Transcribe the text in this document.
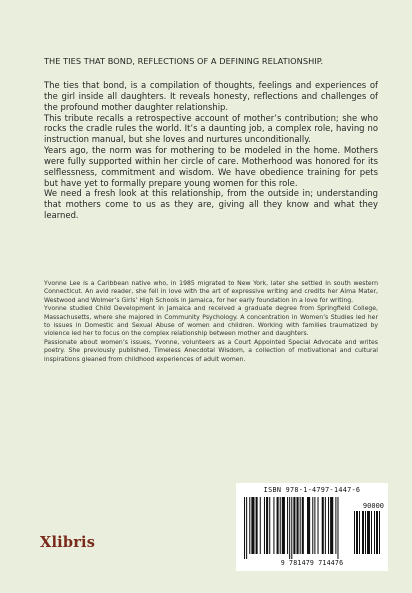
THE TIES THAT BOND, REFLECTIONS OF A DEFINING RELATIONSHIP.

The ties that bond, is a compilation of thoughts, feelings and experiences of the girl inside all daughters. It reveals honesty, reflections and challenges of the profound mother daughter relationship.

This tribute recalls a retrospective account of mother’s contribution; she who rocks the cradle rules the world. It’s a daunting job, a complex role, having no instruction manual, but she loves and nurtures unconditionally.

Years ago, the norm was for mothering to be modeled in the home. Mothers were fully supported within her circle of care. Motherhood was honored for its selflessness, commitment and wisdom. We have obedience training for pets but have yet to formally prepare young women for this role.

We need a fresh look at this relationship, from the outside in; understanding that mothers come to us as they are, giving all they know and what they learned.

Yvonne Lee is a Caribbean native who, in 1985 migrated to New York, later she settled in south western Connecticut. An avid reader, she fell in love with the art of expressive writing and credits her Alma Mater, Westwood and Wolmer’s Girls’ High Schools in Jamaica, for her early foundation in a love for writing.

Yvonne studied Child Development in Jamaica and received a graduate degree from Springfield College, Massachusetts, where she majored in Community Psychology. A concentration in Women’s Studies led her to issues in Domestic and Sexual Abuse of women and children. Working with families traumatized by violence led her to focus on the complex relationship between mother and daughters.

Passionate about women’s issues, Yvonne, volunteers as a Court Appointed Special Advocate and writes poetry. She previously published, Timeless Anecdotal Wisdom, a collection of motivational and cultural inspirations gleaned from childhood experiences of adult women.

Xlibris
ISBN 978-1-4797-1447-6
90000
9 781479 714476
